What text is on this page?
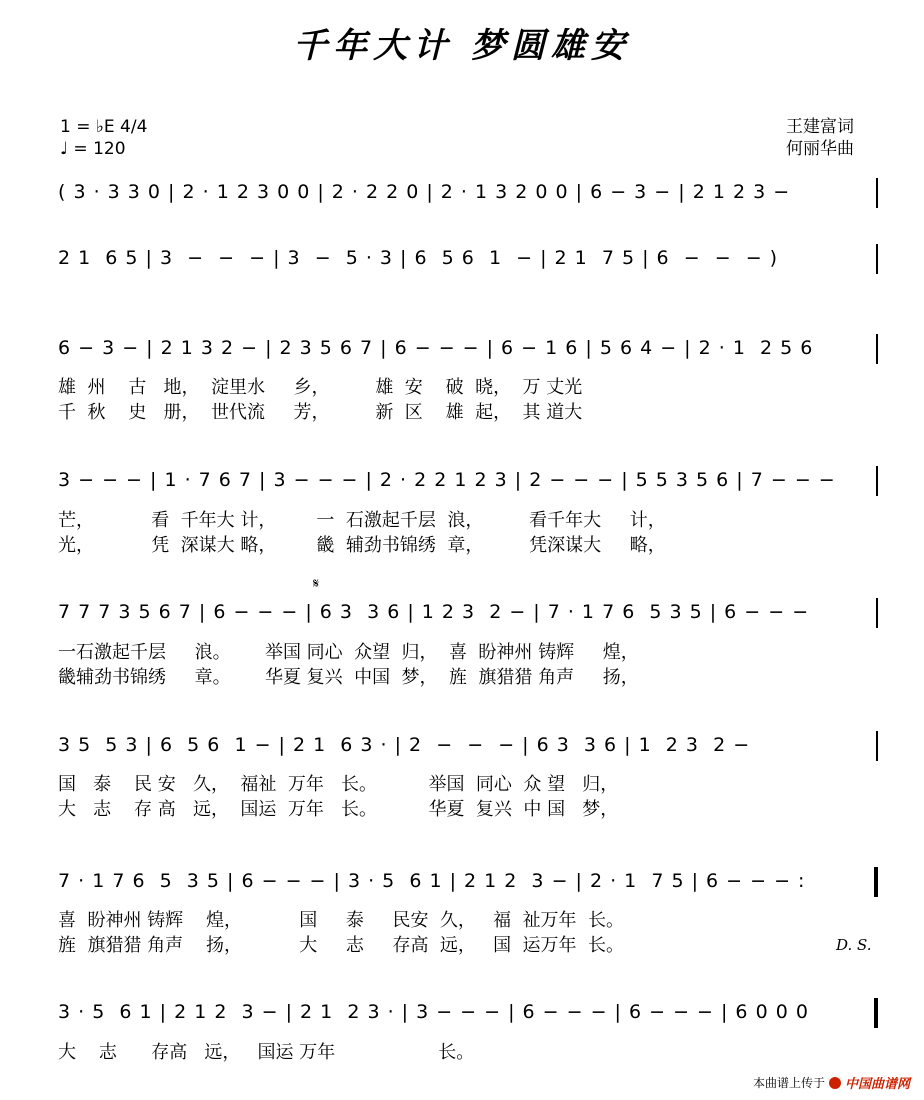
千年大计 梦圆雄安
1 = ♭E 4/4
♩ = 120
王建富词
何丽华曲
( 3 · 3 3 0 | 2 · 1 2 3 0 0 | 2 · 2 2 0 | 2 · 1 3 2 0 0 | 6 − 3 − | 2 1 2 3 −
2 1  6 5 | 3  −  −  − | 3  −  5 · 3 | 6  5 6  1  − | 2 1  7 5 | 6  −  −  − )
6 − 3 − | 2 1 3 2 − | 2 3 5 6 7 | 6 − − − | 6 − 1 6 | 5 6 4 − | 2 · 1  2 5 6
雄  州    古   地，  淀里水     乡，        雄  安    破  晓，  万 丈光
千  秋    史   册，  世代流     芳，        新  区    雄  起，  其 道大
3 − − − | 1 · 7 6 7 | 3 − − − | 2 · 2 2 1 2 3 | 2 − − − | 5 5 3 5 6 | 7 − − −
芒，          看  千年大 计，       一  石激起千层  浪，        看千年大     计，
光，          凭  深谋大 略，       畿  辅劲书锦绣  章，        凭深谋大     略，
𝄋
7 7 7 3 5 6 7 | 6 − − − | 6 3  3 6 | 1 2 3  2 − | 7 · 1 7 6  5 3 5 | 6 − − −
一石激起千层     浪。      举国 同心  众望  归，  喜  盼神州 铸辉     煌，
畿辅劲书锦绣     章。      华夏 复兴  中国  梦，  旌  旗猎猎 角声     扬，
3 5  5 3 | 6  5 6  1 − | 2 1  6 3 · | 2  −  −  − | 6 3  3 6 | 1  2 3  2 −
国   泰    民 安   久，  福祉  万年   长。         举国  同心  众 望   归，
大   志    存 高   远，  国运  万年   长。         华夏  复兴  中 国   梦，
7 · 1 7 6  5  3 5 | 6 − − − | 3 · 5  6 1 | 2 1 2  3 − | 2 · 1  7 5 | 6 − − − :
喜  盼神州 铸辉    煌，          国     泰     民安  久，   福  祉万年  长。
旌  旗猎猎 角声    扬，          大     志     存高  远，   国  运万年  长。	D. S.
3 · 5  6 1 | 2 1 2  3 − | 2 1  2 3 · | 3 − − − | 6 − − − | 6 − − − | 6 0 0 0
大    志      存高   远，   国运 万年                  长。
本曲谱上传于 中国曲谱网
